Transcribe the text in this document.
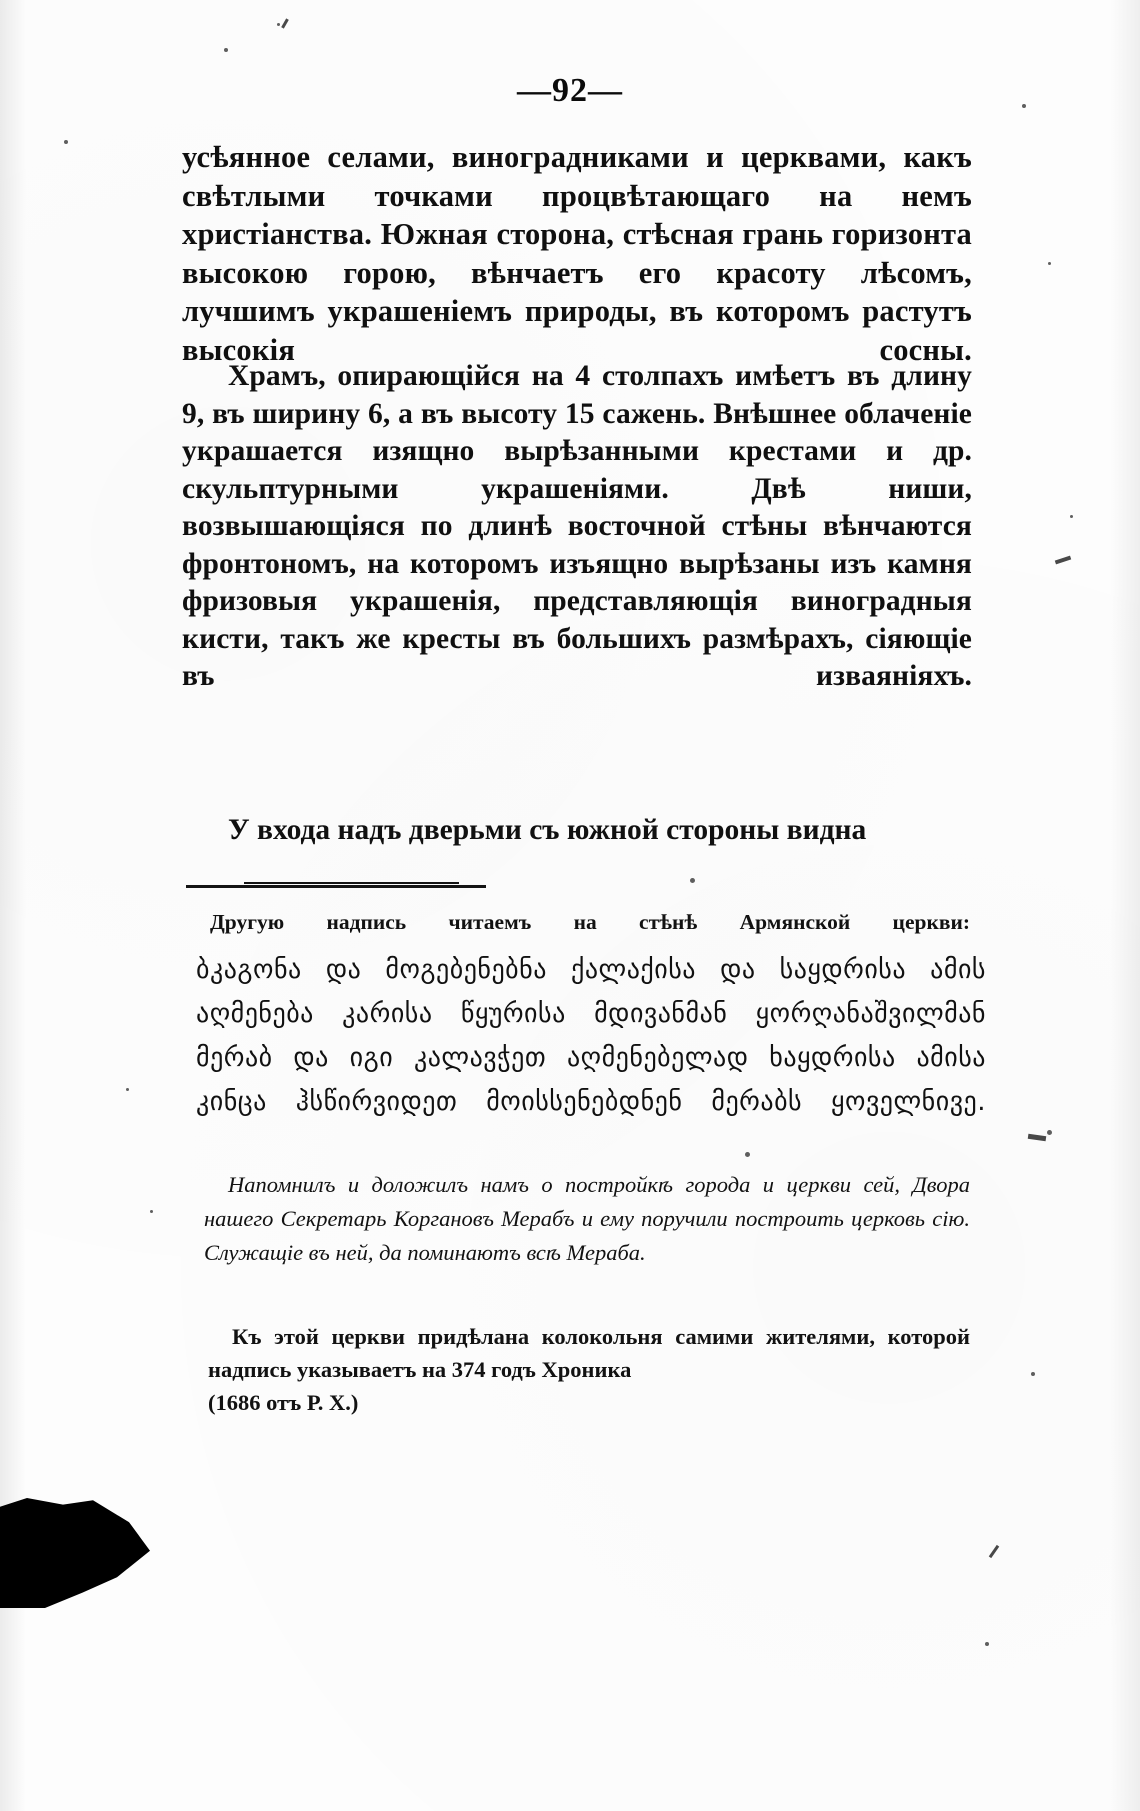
—92—
усѣянное селами, виноградниками и церквами, какъ свѣтлыми точками процвѣтающаго на немъ христіанства. Южная сторона, стѣсная грань горизонта высокою горою, вѣнчаетъ его красоту лѣсомъ, лучшимъ украшеніемъ природы, въ которомъ растутъ высокія сосны.
Храмъ, опирающійся на 4 столпахъ имѣетъ въ длину 9, въ ширину 6, а въ высоту 15 сажень. Внѣшнее облаченіе украшается изящно вырѣзанными крестами и др. скульптурными украшеніями. Двѣ ниши, возвышающіяся по длинѣ восточной стѣны вѣнчаются фронтономъ, на которомъ изъящно вырѣзаны изъ камня фризовыя украшенія, представляющія виноградныя кисти, такъ же кресты въ большихъ размѣрахъ, сіяющіе въ изваяніяхъ.
У входа надъ дверьми съ южной стороны видна
Другую надпись читаемъ на стѣнѣ Армянской церкви:
ბკაგონა და მოგებენებნა ქალაქისა და საყდრისა ამის აღმენება კარისა წყურისა მდივანმან ყორღანაშვილმან მერაბ და იგი კალავჭეთ აღმენებელად ხაყდრისა ამისა კინცა ჰსწირვიდეთ მოისსენებდნენ მერაბს ყოველნივე.
Напомнилъ и доложилъ намъ о постройкѣ города и церкви сей, Двора нашего Секретарь Корганoвъ Мерабъ и ему поручили построить церковь сію. Служащіе въ ней, да поминаютъ всѣ Мераба.
Къ этой церкви придѣлана колокольня самими жителями, которой надпись указываетъ на 374 годъ Хроника
(1686 отъ Р. X.)
